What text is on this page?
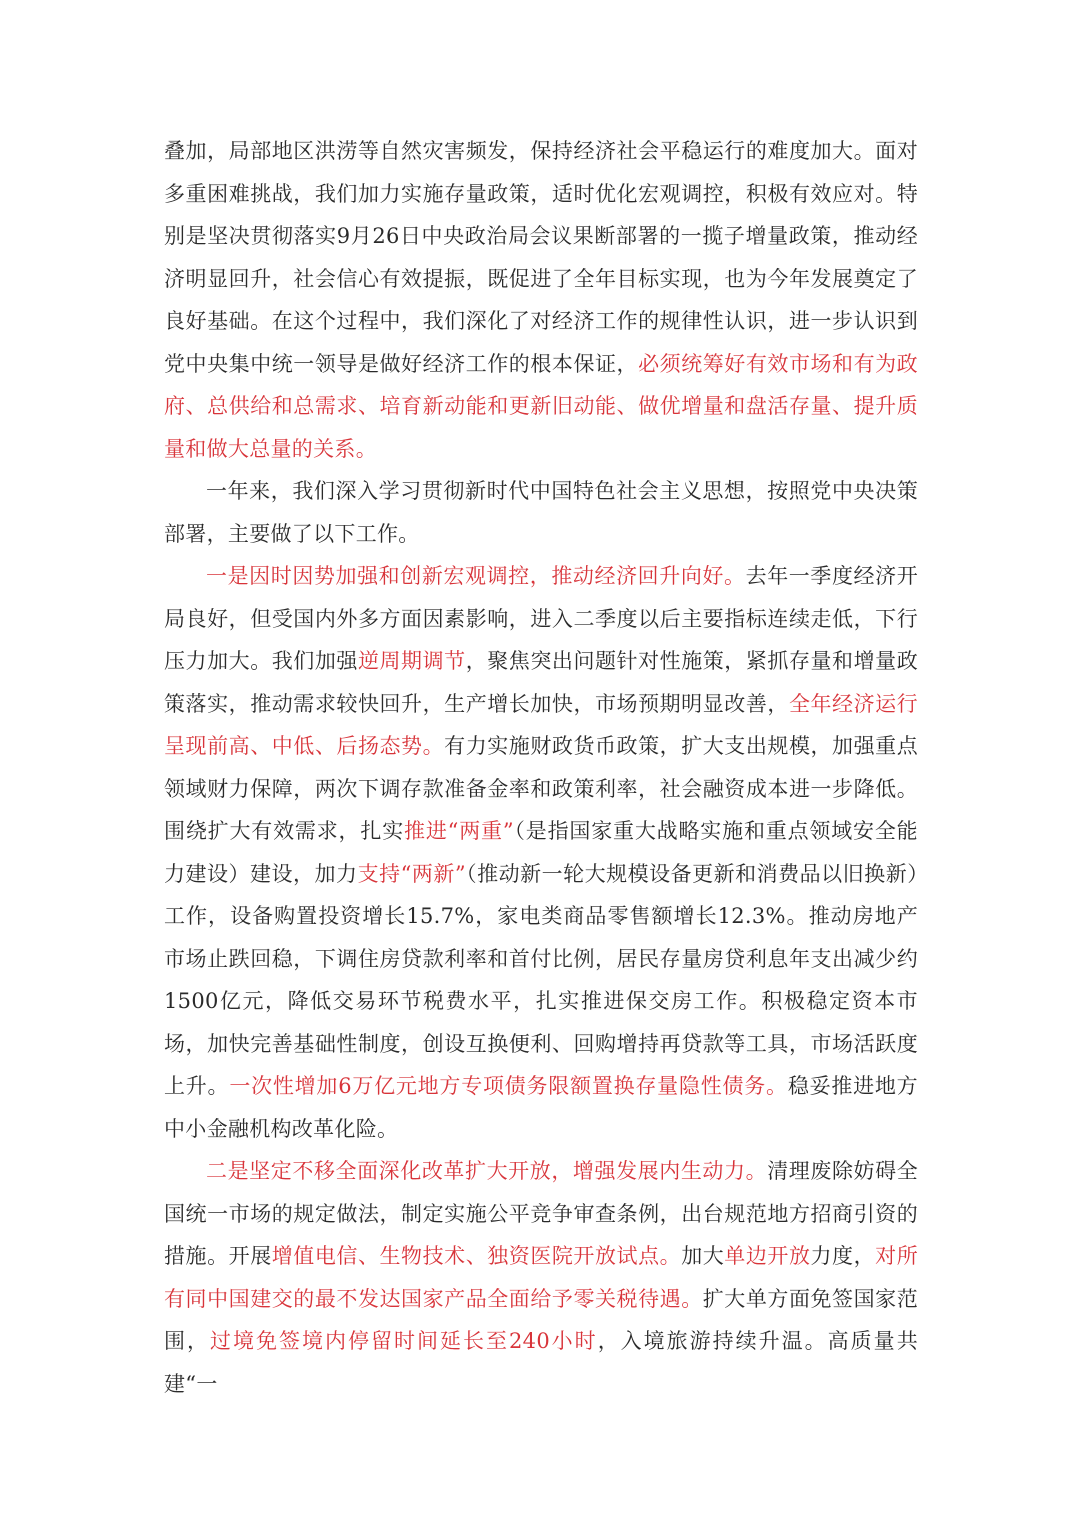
叠加，局部地区洪涝等自然灾害频发，保持经济社会平稳运行的难度加大。面对多重困难挑战，我们加力实施存量政策，适时优化宏观调控，积极有效应对。特别是坚决贯彻落实9月26日中央政治局会议果断部署的一揽子增量政策，推动经济明显回升，社会信心有效提振，既促进了全年目标实现，也为今年发展奠定了良好基础。在这个过程中，我们深化了对经济工作的规律性认识，进一步认识到党中央集中统一领导是做好经济工作的根本保证，必须统筹好有效市场和有为政府、总供给和总需求、培育新动能和更新旧动能、做优增量和盘活存量、提升质量和做大总量的关系。

一年来，我们深入学习贯彻新时代中国特色社会主义思想，按照党中央决策部署，主要做了以下工作。

一是因时因势加强和创新宏观调控，推动经济回升向好。去年一季度经济开局良好，但受国内外多方面因素影响，进入二季度以后主要指标连续走低，下行压力加大。我们加强逆周期调节，聚焦突出问题针对性施策，紧抓存量和增量政策落实，推动需求较快回升，生产增长加快，市场预期明显改善，全年经济运行呈现前高、中低、后扬态势。有力实施财政货币政策，扩大支出规模，加强重点领域财力保障，两次下调存款准备金率和政策利率，社会融资成本进一步降低。围绕扩大有效需求，扎实推进“两重”（是指国家重大战略实施和重点领域安全能力建设）建设，加力支持“两新”（推动新一轮大规模设备更新和消费品以旧换新）工作，设备购置投资增长15.7%，家电类商品零售额增长12.3%。推动房地产市场止跌回稳，下调住房贷款利率和首付比例，居民存量房贷利息年支出减少约1500亿元，降低交易环节税费水平，扎实推进保交房工作。积极稳定资本市场，加快完善基础性制度，创设互换便利、回购增持再贷款等工具，市场活跃度上升。一次性增加6万亿元地方专项债务限额置换存量隐性债务。稳妥推进地方中小金融机构改革化险。

二是坚定不移全面深化改革扩大开放，增强发展内生动力。清理废除妨碍全国统一市场的规定做法，制定实施公平竞争审查条例，出台规范地方招商引资的措施。开展增值电信、生物技术、独资医院开放试点。加大单边开放力度，对所有同中国建交的最不发达国家产品全面给予零关税待遇。扩大单方面免签国家范围，过境免签境内停留时间延长至240小时，入境旅游持续升温。高质量共建“一
